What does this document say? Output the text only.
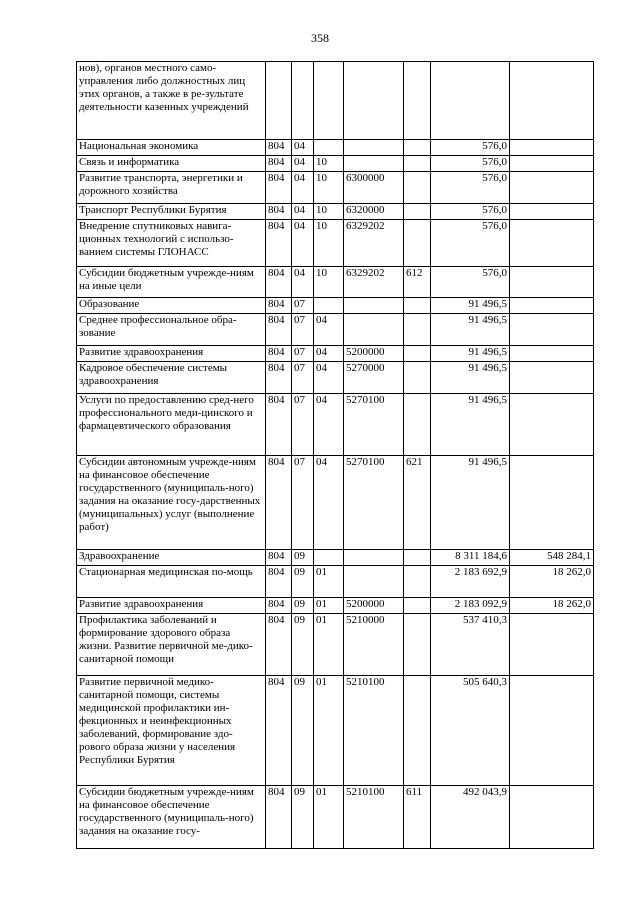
358
нов), органов местного само-управления либо должностных лиц этих органов, а также в ре-зультате деятельности казенных учреждений							
Национальная экономика	804	04				576,0	
Связь и информатика	804	04	10			576,0	
Развитие транспорта, энергетики и дорожного хозяйства	804	04	10	6300000		576,0	
Транспорт Республики Бурятия	804	04	10	6320000		576,0	
Внедрение спутниковых навига-ционных технологий с использо-ванием системы ГЛОНАСС	804	04	10	6329202		576,0	
Субсидии бюджетным учрежде-ниям на иные цели	804	04	10	6329202	612	576,0	
Образование	804	07				91 496,5	
Среднее профессиональное обра-зование	804	07	04			91 496,5	
Развитие здравоохранения	804	07	04	5200000		91 496,5	
Кадровое обеспечение системы здравоохранения	804	07	04	5270000		91 496,5	
Услуги по предоставлению сред-него профессионального меди-цинского и фармацевтического образования	804	07	04	5270100		91 496,5	
Субсидии автономным учрежде-ниям на финансовое обеспечение государственного (муниципаль-ного) задания на оказание госу-дарственных (муниципальных) услуг (выполнение работ)	804	07	04	5270100	621	91 496,5	
Здравоохранение	804	09				8 311 184,6	548 284,1
Стационарная медицинская по-мощь	804	09	01			2 183 692,9	18 262,0
Развитие здравоохранения	804	09	01	5200000		2 183 092,9	18 262,0
Профилактика заболеваний и формирование здорового образа жизни. Развитие первичной ме-дико-санитарной помощи	804	09	01	5210000		537 410,3	
Развитие первичной медико-санитарной помощи, системы медицинской профилактики ин-фекционных и неинфекционных заболеваний, формирование здо-рового образа жизни у населения Республики Бурятия	804	09	01	5210100		505 640,3	
Субсидии бюджетным учрежде-ниям на финансовое обеспечение государственного (муниципаль-ного) задания на оказание госу-	804	09	01	5210100	611	492 043,9	
